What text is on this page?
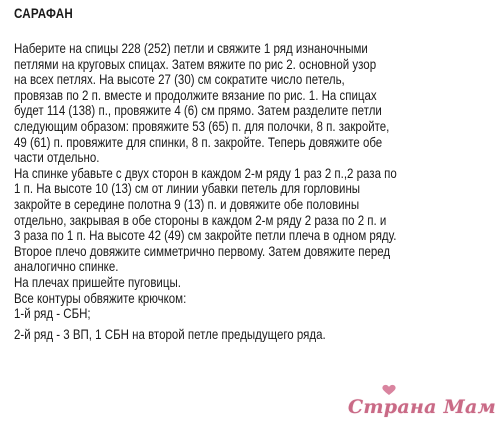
САРАФАН
Наберите на спицы 228 (252) петли и свяжите 1 ряд изнаночными
петлями на круговых спицах. Затем вяжите по рис 2. основной узор
на всех петлях. На высоте 27 (30) см сократите число петель,
провязав по 2 п. вместе и продолжите вязание по рис. 1. На спицах
будет 114 (138) п., провяжите 4 (6) см прямо. Затем разделите петли
следующим образом: провяжите 53 (65) п. для полочки, 8 п. закройте,
49 (61) п. провяжите для спинки, 8 п. закройте. Теперь довяжите обе
части отдельно.
На спинке убавьте с двух сторон в каждом 2-м ряду 1 раз 2 п.,2 раза по
1 п. На высоте 10 (13) см от линии убавки петель для горловины
закройте в середине полотна 9 (13) п. и довяжите обе половины
отдельно, закрывая в обе стороны в каждом 2-м ряду 2 раза по 2 п. и
3 раза по 1 п. На высоте 42 (49) см закройте петли плеча в одном ряду.
Второе плечо довяжите симметрично первому. Затем довяжите перед
аналогично спинке.
На плечах пришейте пуговицы.
Все контуры обвяжите крючком:
1-й ряд - СБН;
2-й ряд - 3 ВП, 1 СБН на второй петле предыдущего ряда.
Страна Мам
